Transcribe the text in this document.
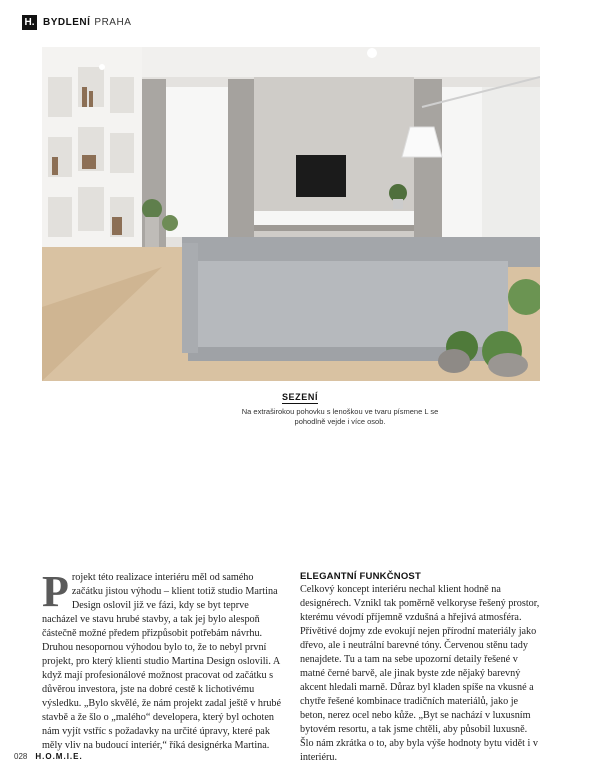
H. BYDLENÍ PRAHA
SEZENÍ
Na extraširokou pohovku s lenoškou ve tvaru písmene L se pohodlně vejde i více osob.
P rojekt této realizace interiéru měl od samého začátku jistou výhodu – klient totiž studio Martina Design oslovil již ve fázi, kdy se byt teprve nacházel ve stavu hrubé stavby, a tak jej bylo alespoň částečně možné předem přizpůsobit potřebám návrhu. Druhou nesopornou výhodou bylo to, že to nebyl první projekt, pro který klienti studio Martina Design oslovili. A když mají profesionálové možnost pracovat od začátku s důvěrou investora, jste na dobré cestě k lichotivému výsledku. „Bylo skvělé, že nám projekt zadal ještě v hrubé stavbě a že šlo o „malého“ developera, který byl ochoten nám vyjít vstříc s požadavky na určité úpravy, které pak měly vliv na budoucí interiér,“ říká designérka Martina.

ELEGANTNÍ FUNKČNOST

Celkový koncept interiéru nechal klient hodně na designérech. Vznikl tak poměrně velkoryse řešený prostor, kterému vévodí příjemně vzdušná a hřejivá atmosféra. Přívětivé dojmy zde evokují nejen přírodní materiály jako dřevo, ale i neutrální barevné tóny. Červenou stěnu tady nenajdete. Tu a tam na sebe upozorní detaily řešené v matné černé barvě, ale jinak byste zde nějaký barevný akcent hledali marně. Důraz byl kladen spíše na vkusné a chytře řešené kombinace tradičních materiálů, jako je beton, nerez ocel nebo kůže. „Byt se nachází v luxusním bytovém resortu, a tak jsme chtěli, aby působil luxusně. Šlo nám zkrátka o to, aby byla výše hodnoty bytu vidět i v interiéru.

028 H.O.M.I.E.
